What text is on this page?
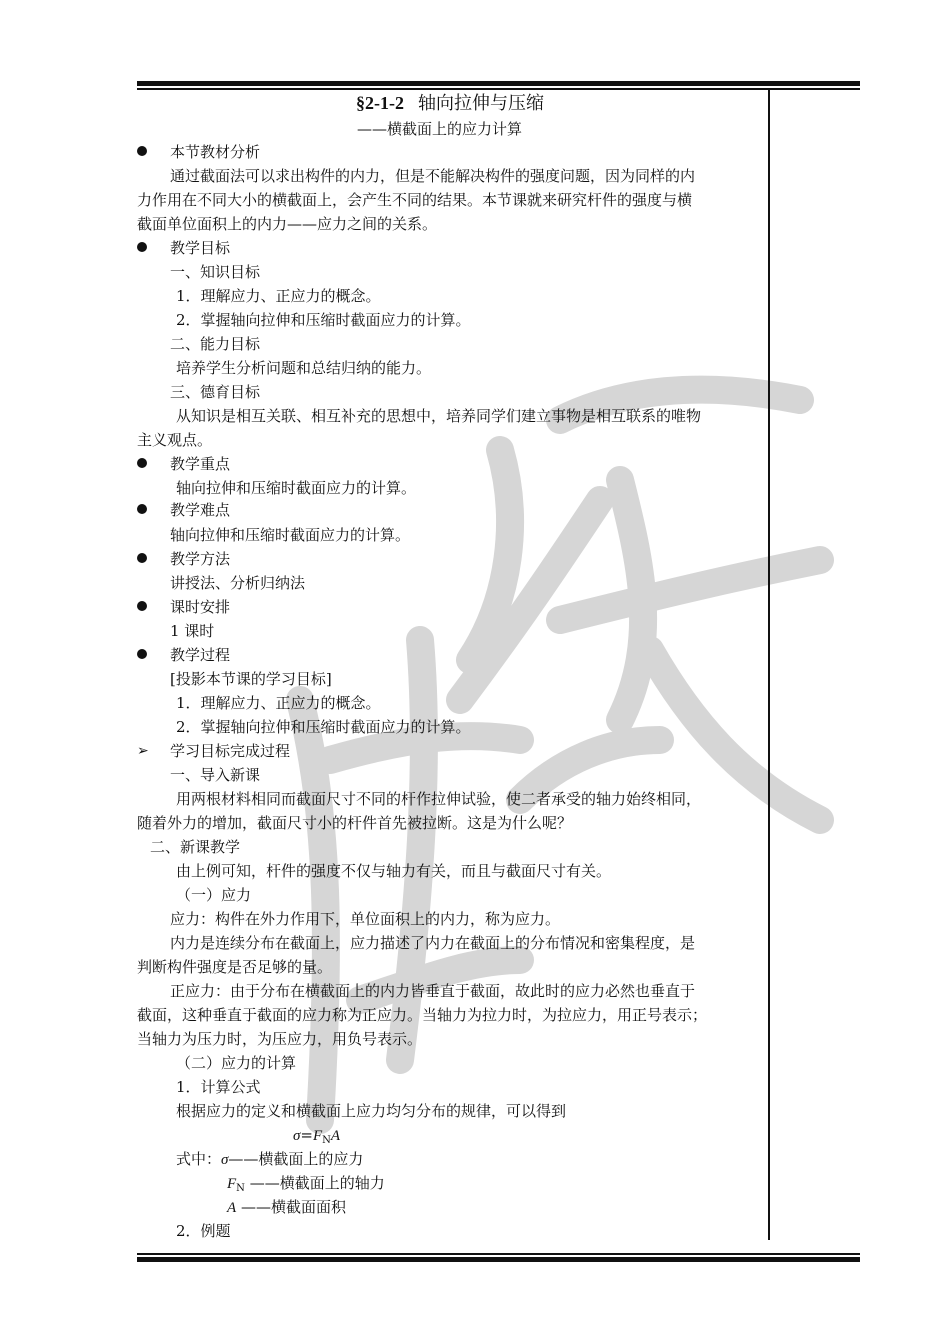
§2-1-2 轴向拉伸与压缩
——横截面上的应力计算
本节教材分析
通过截面法可以求出构件的内力，但是不能解决构件的强度问题，因为同样的内
力作用在不同大小的横截面上，会产生不同的结果。本节课就来研究杆件的强度与横
截面单位面积上的内力——应力之间的关系。
教学目标
一、知识目标
1．理解应力、正应力的概念。
2．掌握轴向拉伸和压缩时截面应力的计算。
二、能力目标
培养学生分析问题和总结归纳的能力。
三、德育目标
从知识是相互关联、相互补充的思想中，培养同学们建立事物是相互联系的唯物
主义观点。
教学重点
轴向拉伸和压缩时截面应力的计算。
教学难点
轴向拉伸和压缩时截面应力的计算。
教学方法
讲授法、分析归纳法
课时安排
1 课时
教学过程
[投影本节课的学习目标]
1．理解应力、正应力的概念。
2．掌握轴向拉伸和压缩时截面应力的计算。
➢ 学习目标完成过程
一、导入新课
用两根材料相同而截面尺寸不同的杆作拉伸试验，使二者承受的轴力始终相同，
随着外力的增加，截面尺寸小的杆件首先被拉断。这是为什么呢？
二、新课教学
由上例可知，杆件的强度不仅与轴力有关，而且与截面尺寸有关。
（一）应力
应力：构件在外力作用下，单位面积上的内力，称为应力。
内力是连续分布在截面上，应力描述了内力在截面上的分布情况和密集程度，是
判断构件强度是否足够的量。
正应力：由于分布在横截面上的内力皆垂直于截面，故此时的应力必然也垂直于
截面，这种垂直于截面的应力称为正应力。当轴力为拉力时，为拉应力，用正号表示；
当轴力为压力时，为压应力，用负号表示。
（二）应力的计算
1．计算公式
根据应力的定义和横截面上应力均匀分布的规律，可以得到
$\sigma=F_NA$
式中：σ——横截面上的应力
$F_N$ ——横截面上的轴力
A ——横截面面积
2．例题
